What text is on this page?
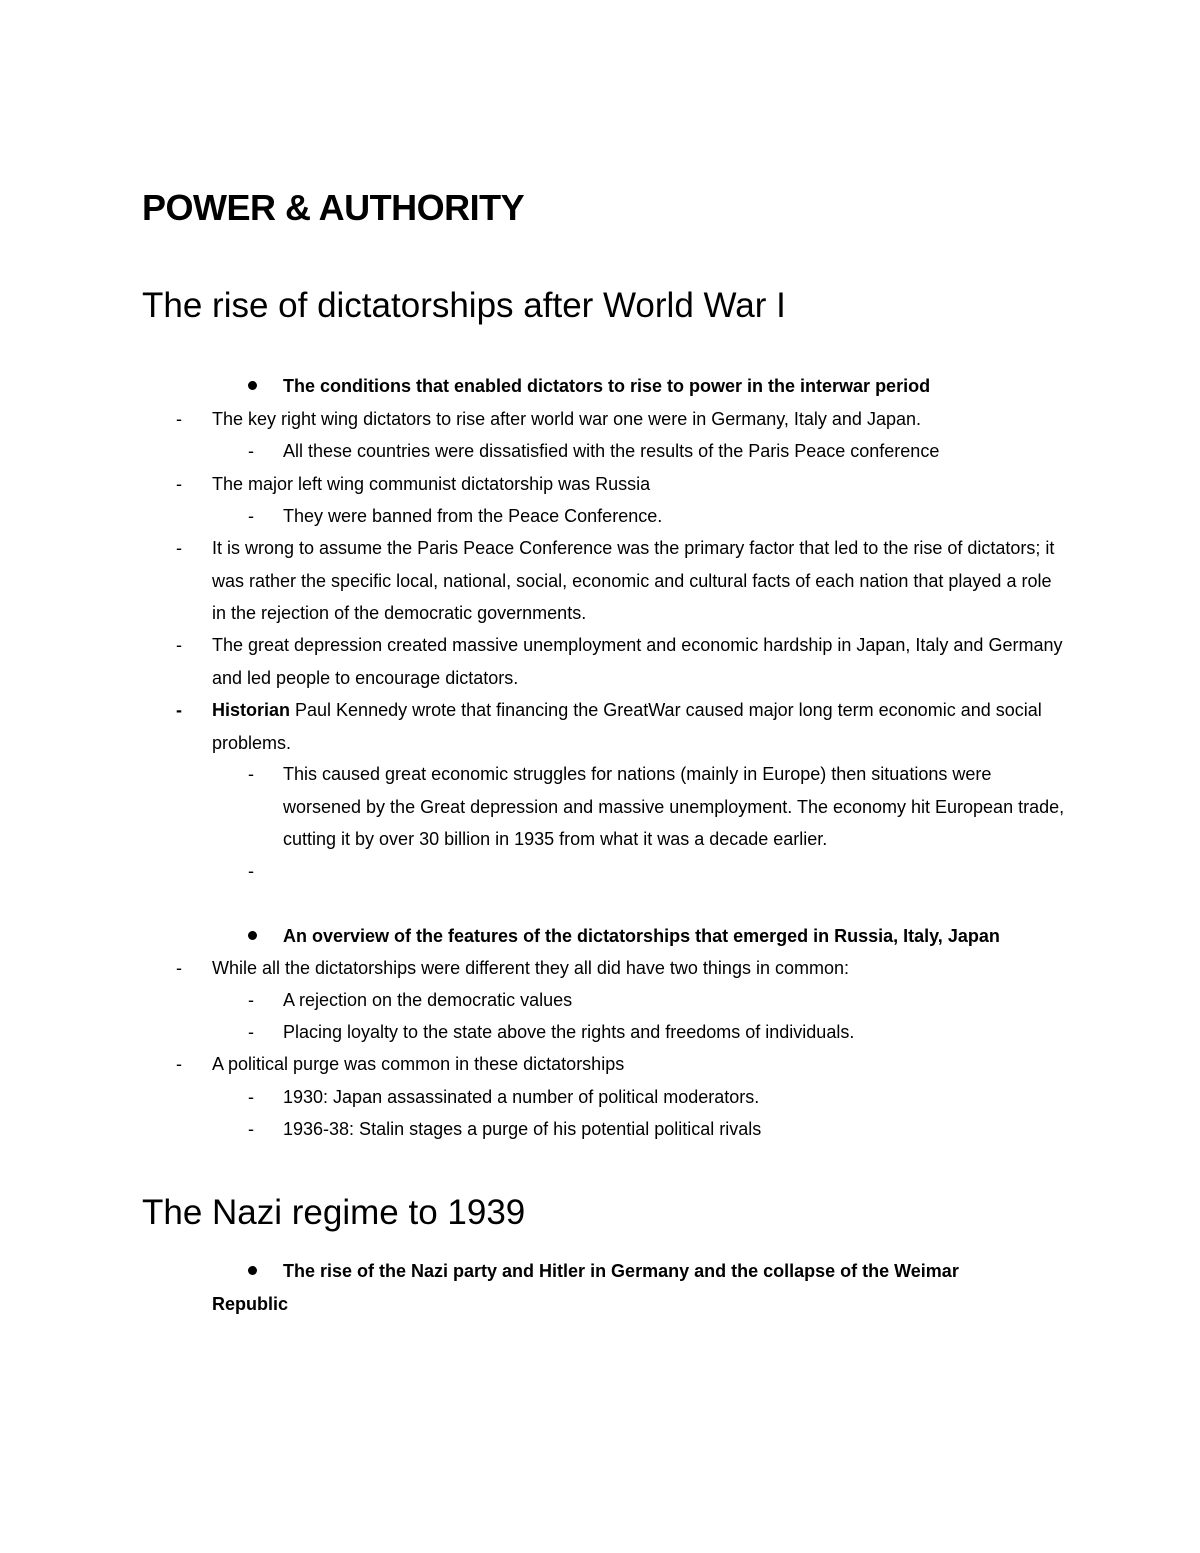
POWER & AUTHORITY
The rise of dictatorships after World War I
The conditions that enabled dictators to rise to power in the interwar period
-	The key right wing dictators to rise after world war one were in Germany, Italy and Japan.
-	All these countries were dissatisfied with the results of the Paris Peace conference
-	The major left wing communist dictatorship was Russia
-	They were banned from the Peace Conference.
-	It is wrong to assume the Paris Peace Conference was the primary factor that led to the rise of dictators; it was rather the specific local, national, social, economic and cultural facts of each nation that played a role in the rejection of the democratic governments.
-	The great depression created massive unemployment and economic hardship in Japan, Italy and Germany and led people to encourage dictators.
-	Historian Paul Kennedy wrote that financing the GreatWar caused major long term economic and social problems.
-	This caused great economic struggles for nations (mainly in Europe) then situations were worsened by the Great depression and massive unemployment. The economy hit European trade, cutting it by over 30 billion in 1935 from what it was a decade earlier.
-
An overview of the features of the dictatorships that emerged in Russia, Italy, Japan
-	While all the dictatorships were different they all did have two things in common:
-	A rejection on the democratic values
-	Placing loyalty to the state above the rights and freedoms of individuals.
-	A political purge was common in these dictatorships
-	1930: Japan assassinated a number of political moderators.
-	1936-38: Stalin stages a purge of his potential political rivals
The Nazi regime to 1939
The rise of the Nazi party and Hitler in Germany and the collapse of the Weimar Republic
